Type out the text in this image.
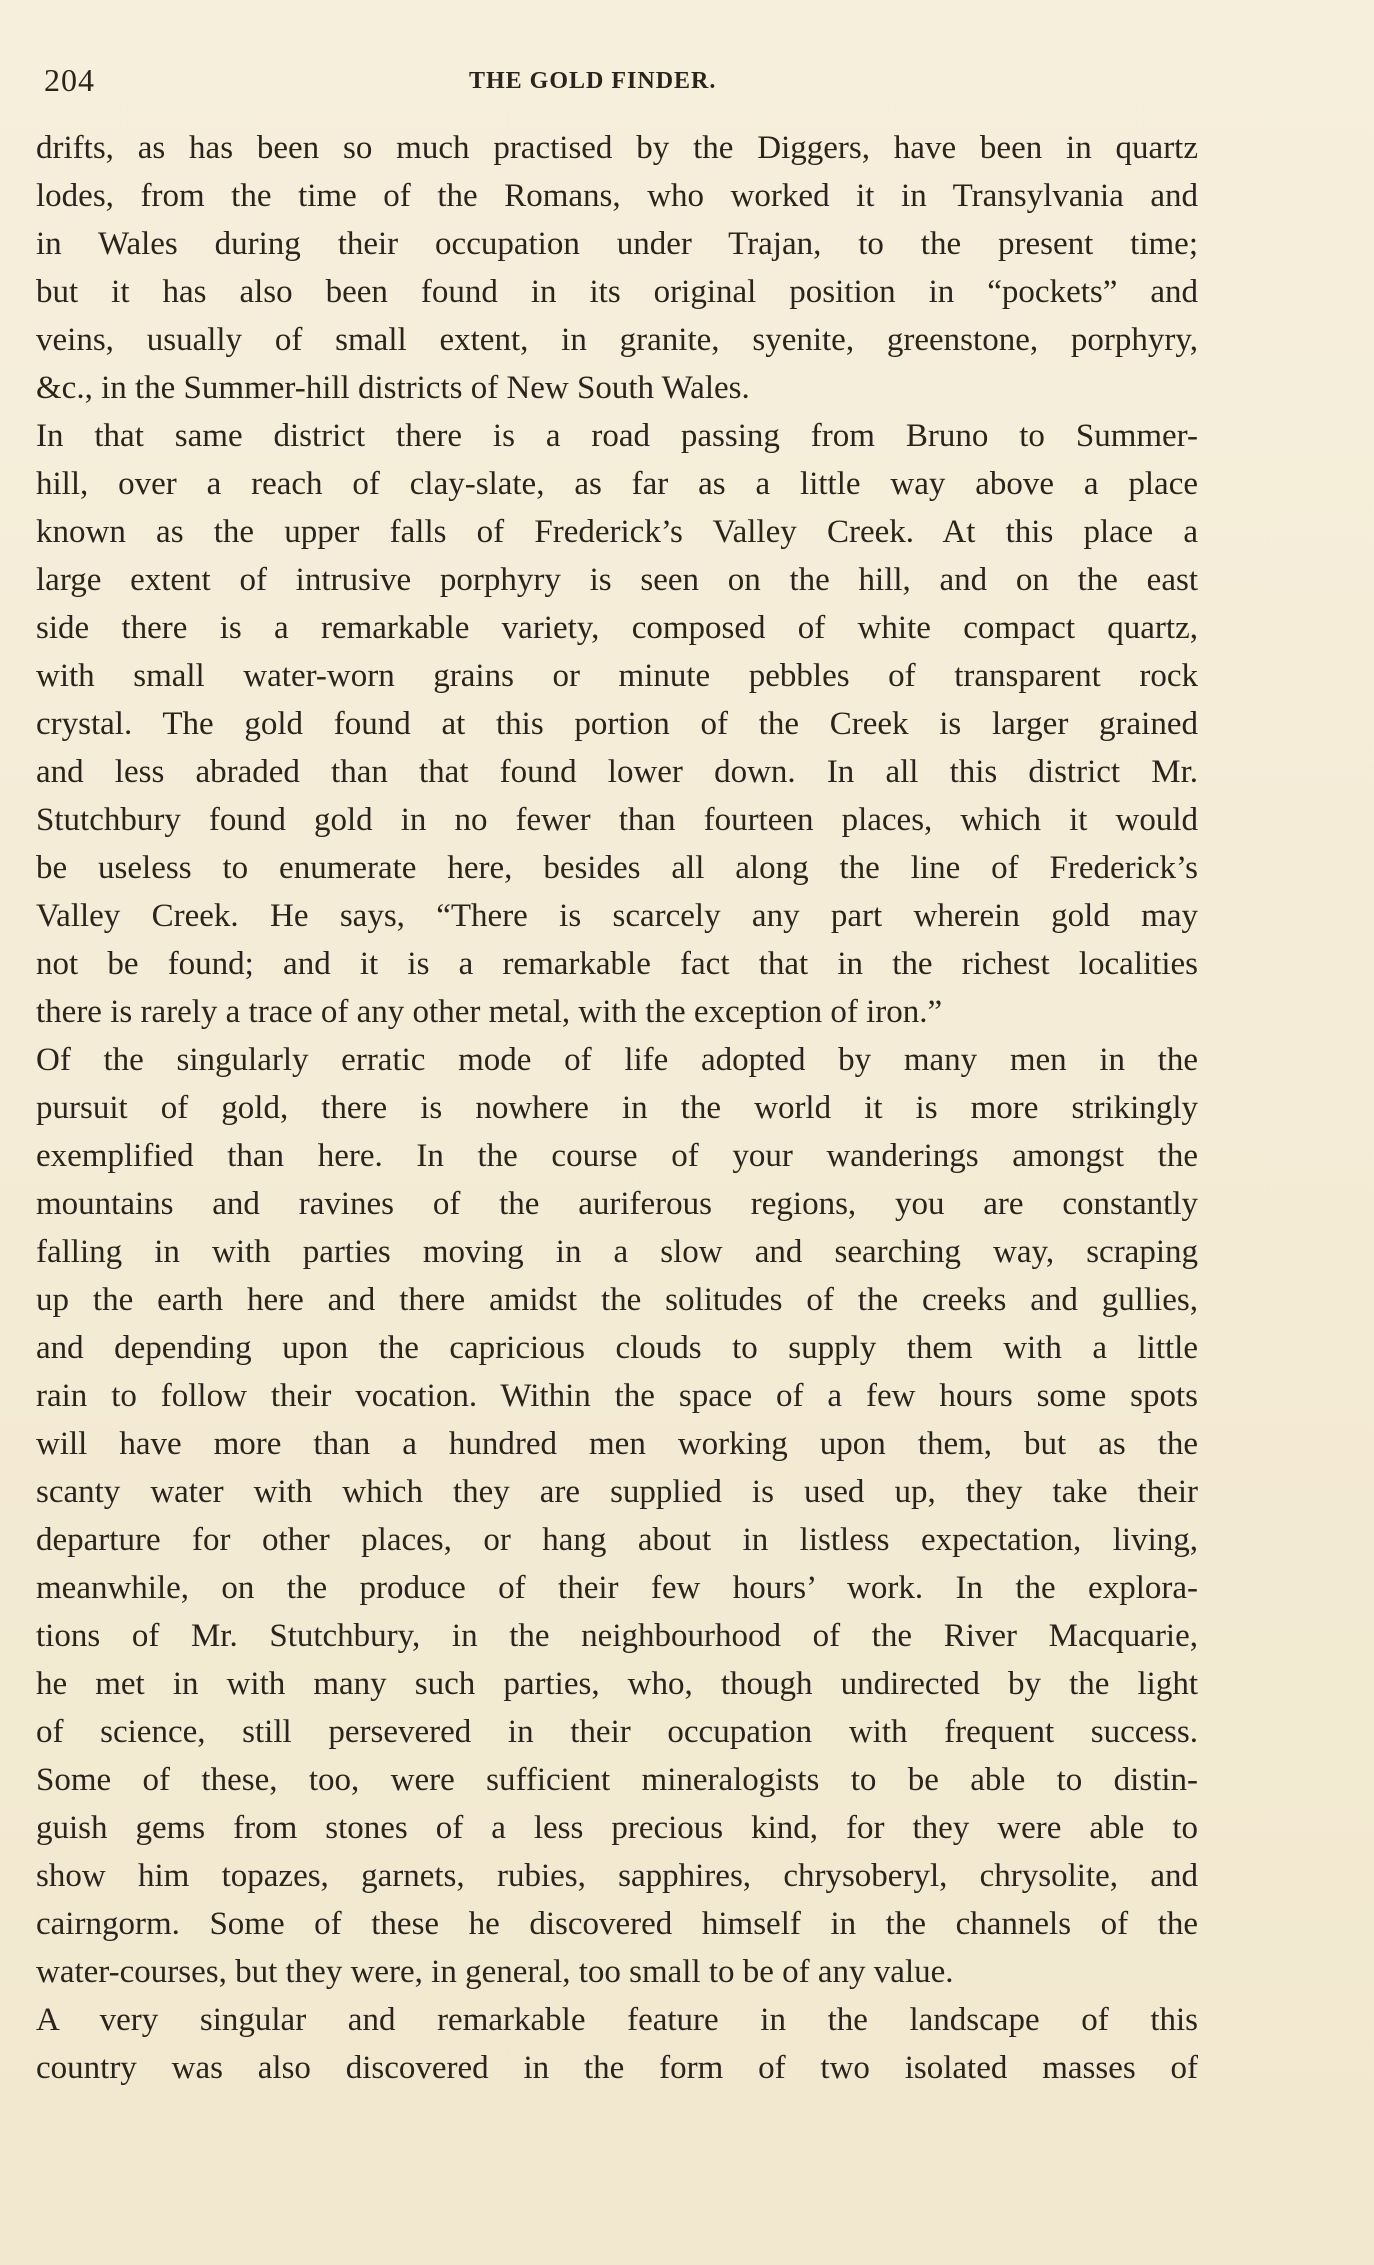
204	THE GOLD FINDER.
drifts, as has been so much practised by the Diggers, have been in quartz
lodes, from the time of the Romans, who worked it in Transylvania and
in Wales during their occupation under Trajan, to the present time;
but it has also been found in its original position in “pockets” and
veins, usually of small extent, in granite, syenite, greenstone, porphyry,
&c., in the Summer-hill districts of New South Wales.
In that same district there is a road passing from Bruno to Summer-
hill, over a reach of clay-slate, as far as a little way above a place
known as the upper falls of Frederick’s Valley Creek. At this place a
large extent of intrusive porphyry is seen on the hill, and on the east
side there is a remarkable variety, composed of white compact quartz,
with small water-worn grains or minute pebbles of transparent rock
crystal. The gold found at this portion of the Creek is larger grained
and less abraded than that found lower down. In all this district Mr.
Stutchbury found gold in no fewer than fourteen places, which it would
be useless to enumerate here, besides all along the line of Frederick’s
Valley Creek. He says, “There is scarcely any part wherein gold may
not be found; and it is a remarkable fact that in the richest localities
there is rarely a trace of any other metal, with the exception of iron.”
Of the singularly erratic mode of life adopted by many men in the
pursuit of gold, there is nowhere in the world it is more strikingly
exemplified than here. In the course of your wanderings amongst the
mountains and ravines of the auriferous regions, you are constantly
falling in with parties moving in a slow and searching way, scraping
up the earth here and there amidst the solitudes of the creeks and gullies,
and depending upon the capricious clouds to supply them with a little
rain to follow their vocation. Within the space of a few hours some spots
will have more than a hundred men working upon them, but as the
scanty water with which they are supplied is used up, they take their
departure for other places, or hang about in listless expectation, living,
meanwhile, on the produce of their few hours’ work. In the explora-
tions of Mr. Stutchbury, in the neighbourhood of the River Macquarie,
he met in with many such parties, who, though undirected by the light
of science, still persevered in their occupation with frequent success.
Some of these, too, were sufficient mineralogists to be able to distin-
guish gems from stones of a less precious kind, for they were able to
show him topazes, garnets, rubies, sapphires, chrysoberyl, chrysolite, and
cairngorm. Some of these he discovered himself in the channels of the
water-courses, but they were, in general, too small to be of any value.
A very singular and remarkable feature in the landscape of this
country was also discovered in the form of two isolated masses of
